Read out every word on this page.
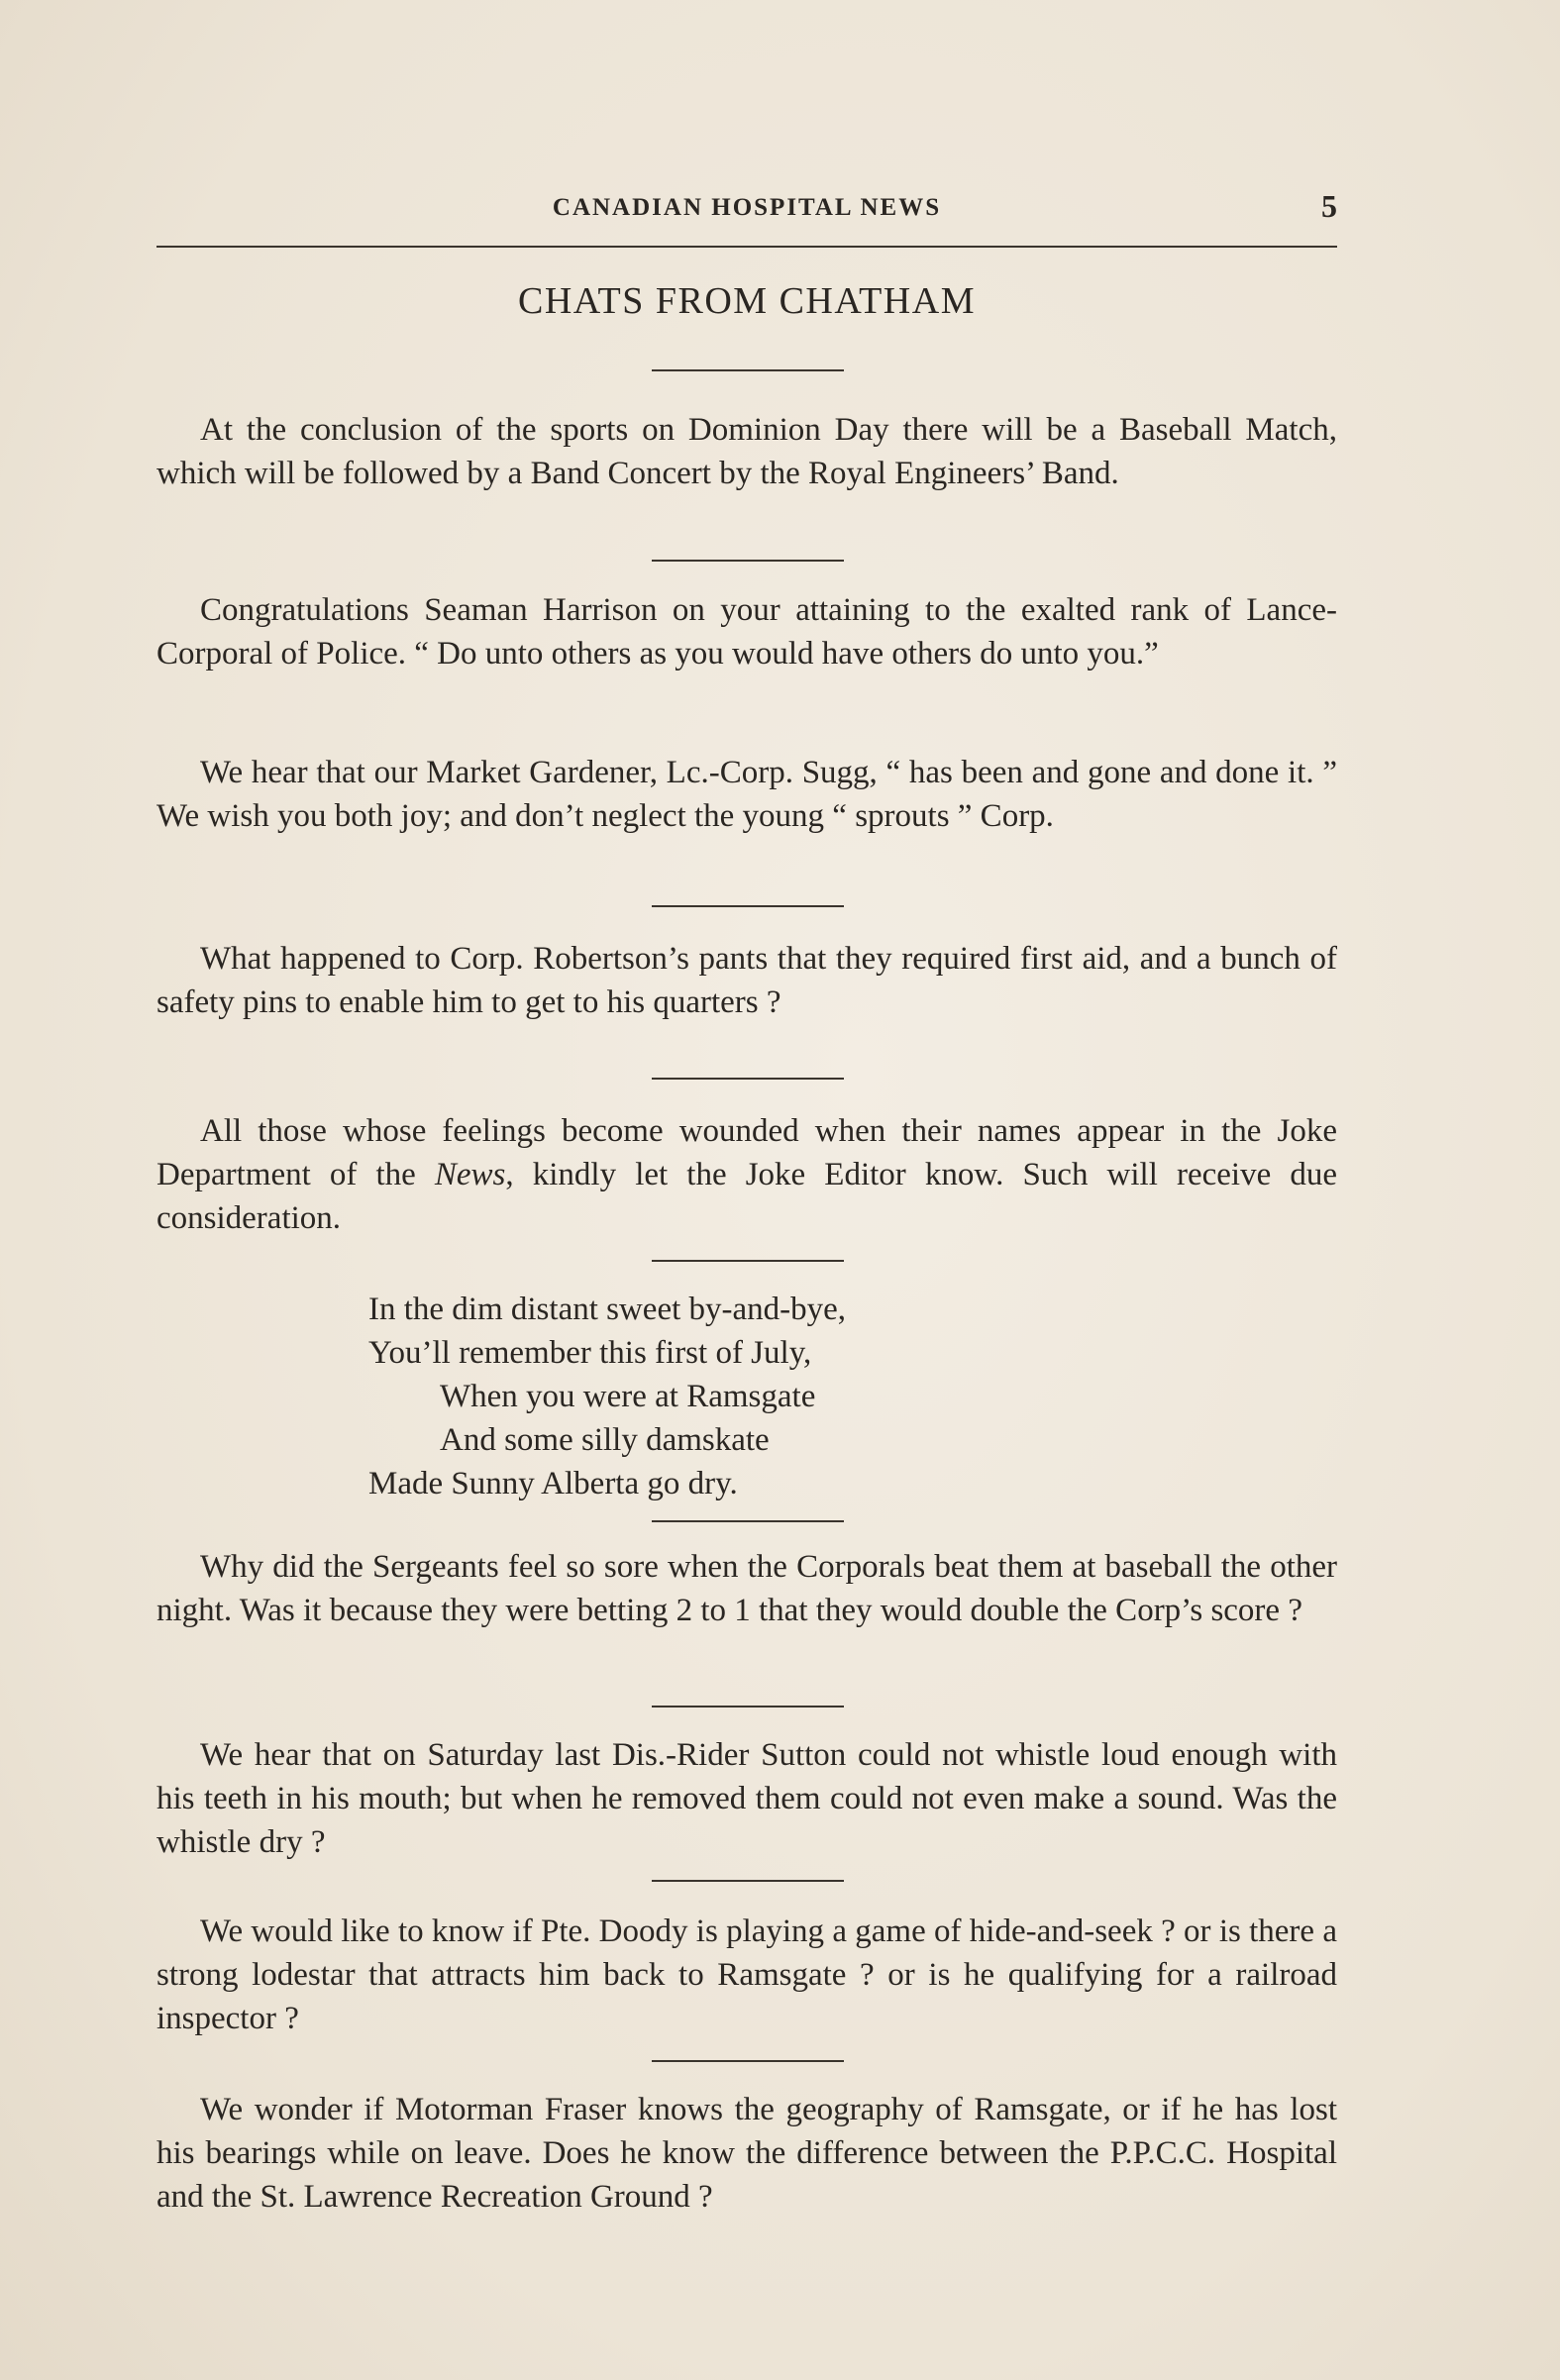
CANADIAN HOSPITAL NEWS	5
CHATS FROM CHATHAM

At the conclusion of the sports on Dominion Day there will be a Baseball Match, which will be followed by a Band Concert by the Royal Engineers’ Band.

Congratulations Seaman Harrison on your attaining to the exalted rank of Lance-Corporal of Police. “ Do unto others as you would have others do unto you.”

We hear that our Market Gardener, Lc.-Corp. Sugg, “ has been and gone and done it. ” We wish you both joy; and don’t neglect the young “ sprouts ” Corp.

What happened to Corp. Robertson’s pants that they required first aid, and a bunch of safety pins to enable him to get to his quarters ?

All those whose feelings become wounded when their names appear in the Joke Department of the News, kindly let the Joke Editor know. Such will receive due consideration.

In the dim distant sweet by-and-bye,
You’ll remember this first of July,
When you were at Ramsgate
And some silly damskate
Made Sunny Alberta go dry.

Why did the Sergeants feel so sore when the Corporals beat them at baseball the other night. Was it because they were betting 2 to 1 that they would double the Corp’s score ?

We hear that on Saturday last Dis.-Rider Sutton could not whistle loud enough with his teeth in his mouth; but when he removed them could not even make a sound. Was the whistle dry ?

We would like to know if Pte. Doody is playing a game of hide-and-seek ? or is there a strong lodestar that attracts him back to Ramsgate ? or is he qualifying for a railroad inspector ?

We wonder if Motorman Fraser knows the geography of Ramsgate, or if he has lost his bearings while on leave. Does he know the difference between the P.P.C.C. Hospital and the St. Lawrence Recreation Ground ?
